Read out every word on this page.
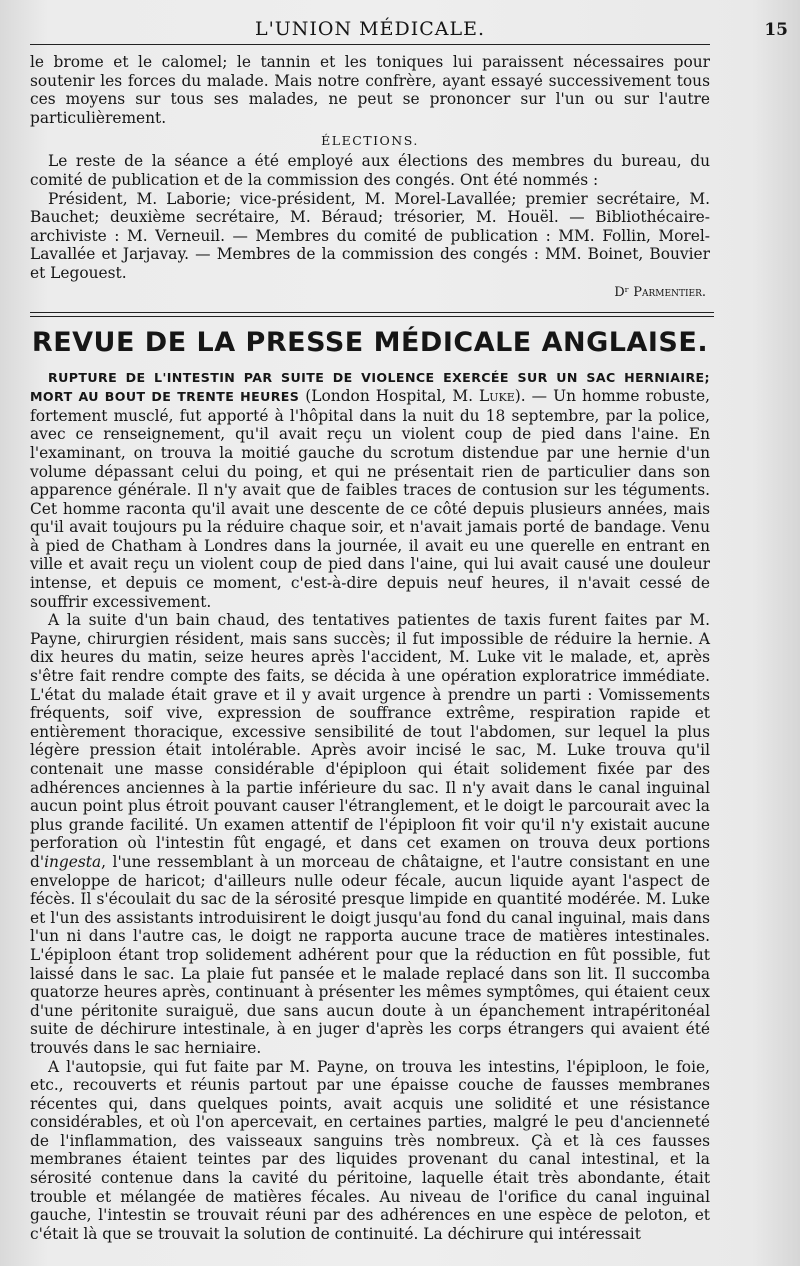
L'UNION MÉDICALE.	15

le brome et le calomel; le tannin et les toniques lui paraissent nécessaires pour soutenir les forces du malade. Mais notre confrère, ayant essayé successivement tous ces moyens sur tous ses malades, ne peut se prononcer sur l'un ou sur l'autre particulièrement.

ÉLECTIONS.

Le reste de la séance a été employé aux élections des membres du bureau, du comité de publication et de la commission des congés. Ont été nommés :

Président, M. Laborie; vice-président, M. Morel-Lavallée; premier secrétaire, M. Bauchet; deuxième secrétaire, M. Béraud; trésorier, M. Houël. — Bibliothécaire-archiviste : M. Verneuil. — Membres du comité de publication : MM. Follin, Morel-Lavallée et Jarjavay. — Membres de la commission des congés : MM. Boinet, Bouvier et Legouest.

Dʳ Parmentier.
REVUE DE LA PRESSE MÉDICALE ANGLAISE.

RUPTURE DE L'INTESTIN PAR SUITE DE VIOLENCE EXERCÉE SUR UN SAC HERNIAIRE; MORT AU BOUT DE TRENTE HEURES (London Hospital, M. Luke). — Un homme robuste, fortement musclé, fut apporté à l'hôpital dans la nuit du 18 septembre, par la police, avec ce renseignement, qu'il avait reçu un violent coup de pied dans l'aine. En l'examinant, on trouva la moitié gauche du scrotum distendue par une hernie d'un volume dépassant celui du poing, et qui ne présentait rien de particulier dans son apparence générale. Il n'y avait que de faibles traces de contusion sur les téguments. Cet homme raconta qu'il avait une descente de ce côté depuis plusieurs années, mais qu'il avait toujours pu la réduire chaque soir, et n'avait jamais porté de bandage. Venu à pied de Chatham à Londres dans la journée, il avait eu une querelle en entrant en ville et avait reçu un violent coup de pied dans l'aine, qui lui avait causé une douleur intense, et depuis ce moment, c'est-à-dire depuis neuf heures, il n'avait cessé de souffrir excessivement.

A la suite d'un bain chaud, des tentatives patientes de taxis furent faites par M. Payne, chirurgien résident, mais sans succès; il fut impossible de réduire la hernie. A dix heures du matin, seize heures après l'accident, M. Luke vit le malade, et, après s'être fait rendre compte des faits, se décida à une opération exploratrice immédiate. L'état du malade était grave et il y avait urgence à prendre un parti : Vomissements fréquents, soif vive, expression de souffrance extrême, respiration rapide et entièrement thoracique, excessive sensibilité de tout l'abdomen, sur lequel la plus légère pression était intolérable. Après avoir incisé le sac, M. Luke trouva qu'il contenait une masse considérable d'épiploon qui était solidement fixée par des adhérences anciennes à la partie inférieure du sac. Il n'y avait dans le canal inguinal aucun point plus étroit pouvant causer l'étranglement, et le doigt le parcourait avec la plus grande facilité. Un examen attentif de l'épiploon fit voir qu'il n'y existait aucune perforation où l'intestin fût engagé, et dans cet examen on trouva deux portions d'ingesta, l'une ressemblant à un morceau de châtaigne, et l'autre consistant en une enveloppe de haricot; d'ailleurs nulle odeur fécale, aucun liquide ayant l'aspect de fécès. Il s'écoulait du sac de la sérosité presque limpide en quantité modérée. M. Luke et l'un des assistants introduisirent le doigt jusqu'au fond du canal inguinal, mais dans l'un ni dans l'autre cas, le doigt ne rapporta aucune trace de matières intestinales. L'épiploon étant trop solidement adhérent pour que la réduction en fût possible, fut laissé dans le sac. La plaie fut pansée et le malade replacé dans son lit. Il succomba quatorze heures après, continuant à présenter les mêmes symptômes, qui étaient ceux d'une péritonite suraiguë, due sans aucun doute à un épanchement intrapéritonéal suite de déchirure intestinale, à en juger d'après les corps étrangers qui avaient été trouvés dans le sac herniaire.

A l'autopsie, qui fut faite par M. Payne, on trouva les intestins, l'épiploon, le foie, etc., recouverts et réunis partout par une épaisse couche de fausses membranes récentes qui, dans quelques points, avait acquis une solidité et une résistance considérables, et où l'on apercevait, en certaines parties, malgré le peu d'ancienneté de l'inflammation, des vaisseaux sanguins très nombreux. Çà et là ces fausses membranes étaient teintes par des liquides provenant du canal intestinal, et la sérosité contenue dans la cavité du péritoine, laquelle était très abondante, était trouble et mélangée de matières fécales. Au niveau de l'orifice du canal inguinal gauche, l'intestin se trouvait réuni par des adhérences en une espèce de peloton, et c'était là que se trouvait la solution de continuité. La déchirure qui intéressait
